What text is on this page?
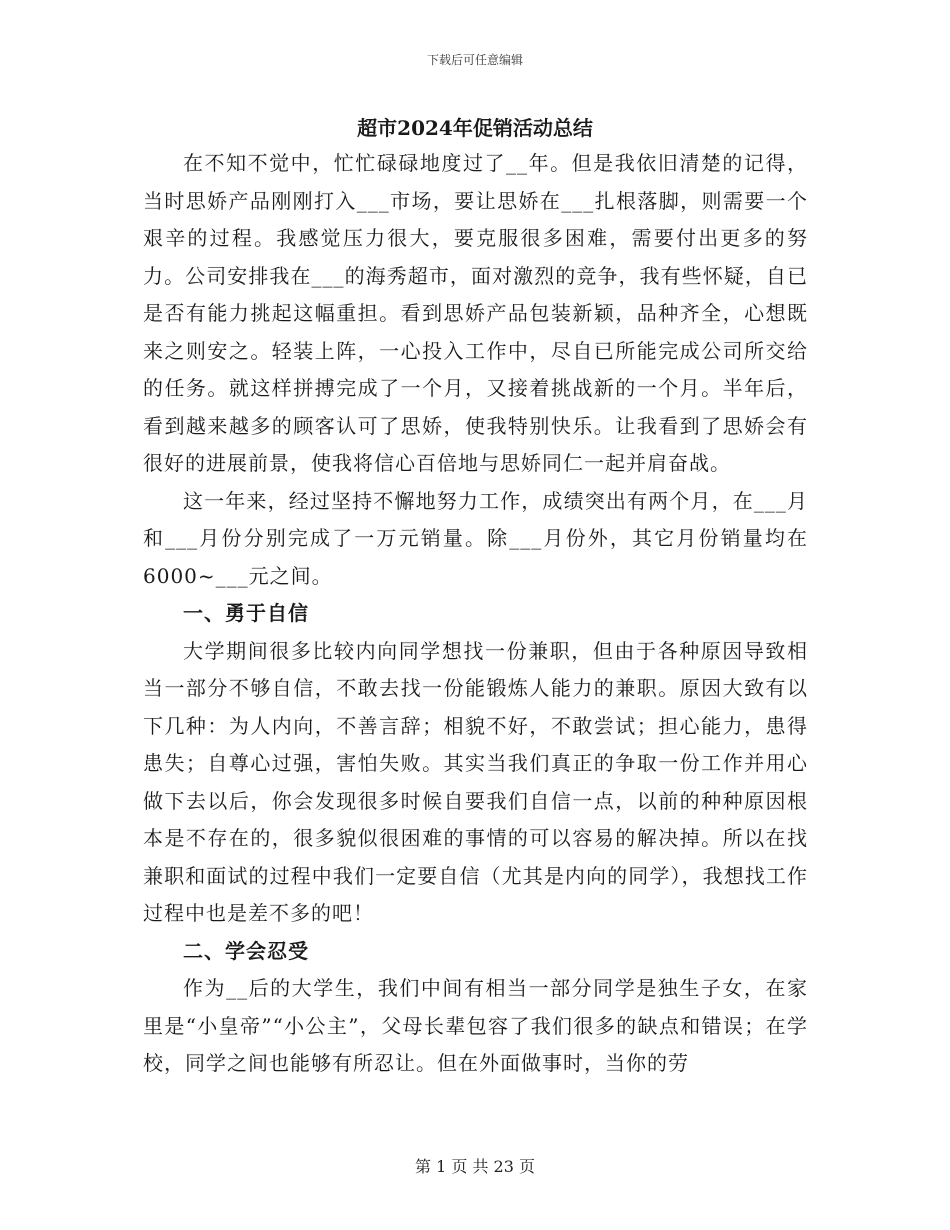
下载后可任意编辑
超市2024年促销活动总结

在不知不觉中，忙忙碌碌地度过了__年。但是我依旧清楚的记得，当时思娇产品刚刚打入___市场，要让思娇在___扎根落脚，则需要一个艰辛的过程。我感觉压力很大，要克服很多困难，需要付出更多的努力。公司安排我在___的海秀超市，面对激烈的竞争，我有些怀疑，自已是否有能力挑起这幅重担。看到思娇产品包装新颖，品种齐全，心想既来之则安之。轻装上阵，一心投入工作中，尽自已所能完成公司所交给的任务。就这样拼搏完成了一个月，又接着挑战新的一个月。半年后，看到越来越多的顾客认可了思娇，使我特别快乐。让我看到了思娇会有很好的进展前景，使我将信心百倍地与思娇同仁一起并肩奋战。

这一年来，经过坚持不懈地努力工作，成绩突出有两个月，在___月和___月份分别完成了一万元销量。除___月份外，其它月份销量均在6000~___元之间。

一、勇于自信

大学期间很多比较内向同学想找一份兼职，但由于各种原因导致相当一部分不够自信，不敢去找一份能锻炼人能力的兼职。原因大致有以下几种：为人内向，不善言辞；相貌不好，不敢尝试；担心能力，患得患失；自尊心过强，害怕失败。其实当我们真正的争取一份工作并用心做下去以后，你会发现很多时候自要我们自信一点，以前的种种原因根本是不存在的，很多貌似很困难的事情的可以容易的解决掉。所以在找兼职和面试的过程中我们一定要自信（尤其是内向的同学），我想找工作过程中也是差不多的吧！

二、学会忍受

作为__后的大学生，我们中间有相当一部分同学是独生子女，在家里是“小皇帝”“小公主”，父母长辈包容了我们很多的缺点和错误；在学校，同学之间也能够有所忍让。但在外面做事时，当你的劳

第 1 页 共 23 页
